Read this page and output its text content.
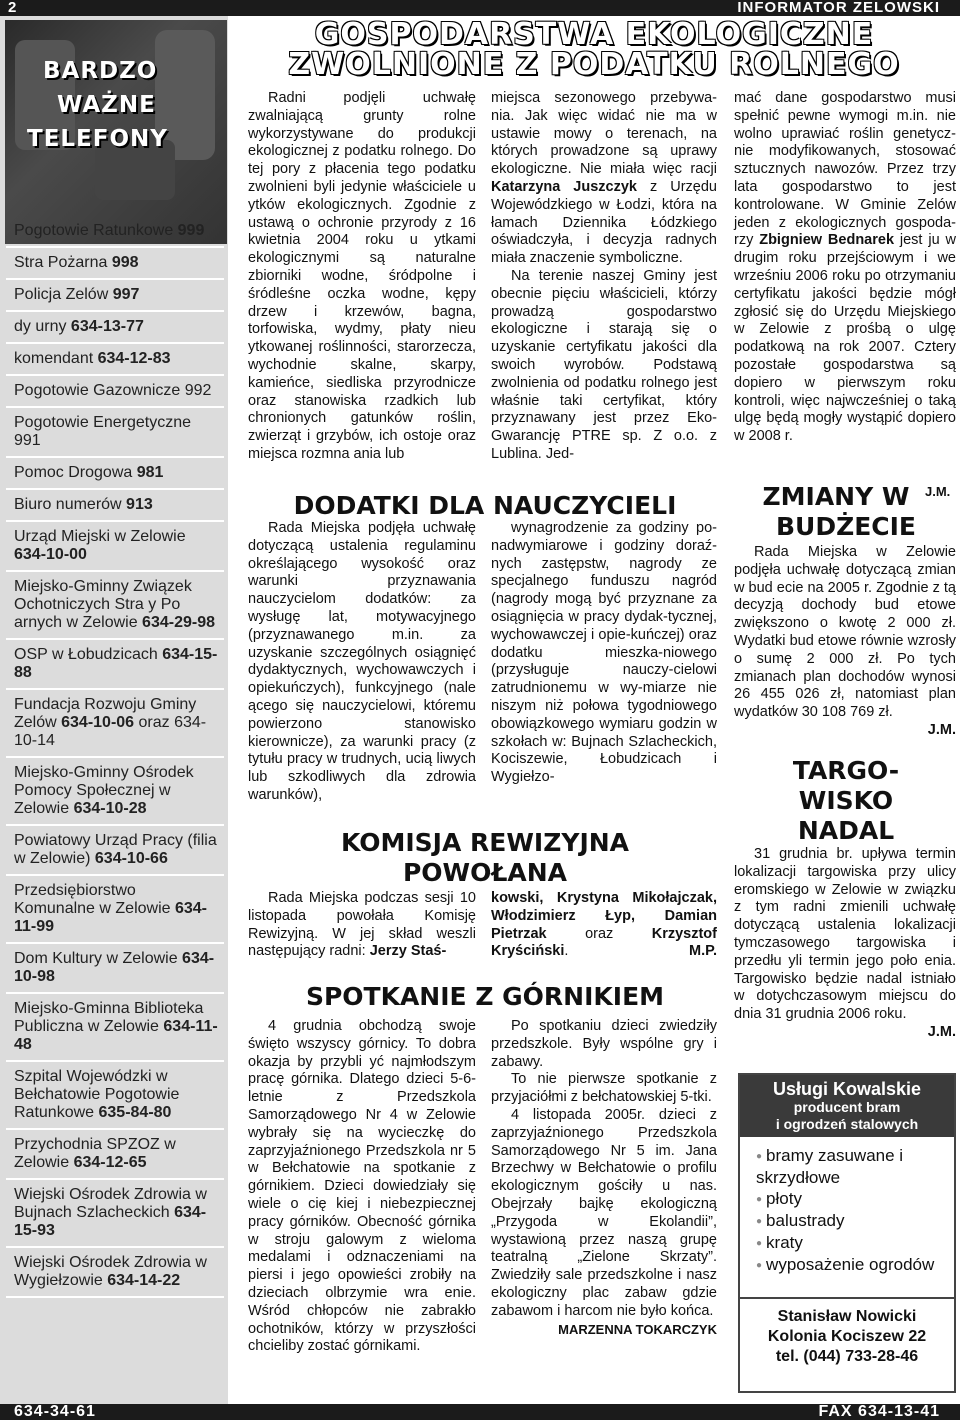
2	INFORMATOR ZELOWSKI
BARDZO
WAŻNE
TELEFONY
Pogotowie Ratunkowe 999
Stra Pożarna 998
Policja Zelów 997
dy urny 634-13-77
komendant 634-12-83
Pogotowie Gazownicze 992
Pogotowie Energetyczne 991
Pomoc Drogowa 981
Biuro numerów 913
Urząd Miejski w Zelowie 634-10-00
Miejsko-Gminny Związek Ochotniczych Stra y Po arnych w Zelowie 634-29-98
OSP w Łobudzicach 634-15-88
Fundacja Rozwoju Gminy Zelów 634-10-06 oraz 634-10-14
Miejsko-Gminny Ośrodek Pomocy Społecznej w Zelowie 634-10-28
Powiatowy Urząd Pracy (filia w Zelowie) 634-10-66
Przedsiębiorstwo Komunalne w Zelowie 634-11-99
Dom Kultury w Zelowie 634-10-98
Miejsko-Gminna Biblioteka Publiczna w Zelowie 634-11-48
Szpital Wojewódzki w Bełchatowie Pogotowie Ratunkowe 635-84-80
Przychodnia SPZOZ w Zelowie 634-12-65
Wiejski Ośrodek Zdrowia w Bujnach Szlacheckich 634-15-93
Wiejski Ośrodek Zdrowia w Wygiełzowie 634-14-22
GOSPODARSTWA EKOLOGICZNE
ZWOLNIONE Z PODATKU ROLNEGO

Radni podjęli uchwałę zwalniającą grunty rolne wykorzystywane do produkcji ekologicznej z podatku rolnego. Do tej pory z płacenia tego podatku zwolnieni byli jedynie właściciele u ytków ekologicznych. Zgodnie z ustawą o ochronie przyrody z 16 kwietnia 2004 roku u ytkami ekologicznymi są naturalne zbiorniki wodne, śródpolne i śródleśne oczka wodne, kępy drzew i krzewów, bagna, torfowiska, wydmy, płaty nieu ytkowanej roślinności, starorzecza, wychodnie skalne, skarpy, kamieńce, siedliska przyrodnicze oraz stanowiska rzadkich lub chronionych gatunków roślin, zwierząt i grzybów, ich ostoje oraz miejsca rozmna ania lub

miejsca sezonowego przebywa-nia. Jak więc widać nie ma w ustawie mowy o terenach, na których prowadzone są uprawy ekologiczne. Nie miała więc racji Katarzyna Juszczyk z Urzędu Wojewódzkiego w Łodzi, która na łamach Dziennika Łódzkiego oświadczyła, i decyzja radnych miała znaczenie symboliczne.

Na terenie naszej Gminy jest obecnie pięciu właścicieli, którzy prowadzą gospodarstwo ekologiczne i starają się o uzyskanie certyfikatu jakości dla swoich wyrobów. Podstawą zwolnienia od podatku rolnego jest właśnie taki certyfikat, który przyznawany jest przez Eko-Gwarancję PTRE sp. Z o.o. z Lublina. Jed-

mać dane gospodarstwo musi spełnić pewne wymogi m.in. nie wolno uprawiać roślin genetycz-nie modyfikowanych, stosować sztucznych nawozów. Przez trzy lata gospodarstwo to jest kontrolowane. W Gminie Zelów jeden z ekologicznych gospoda-rzy Zbigniew Bednarek jest ju w drugim roku przejściowym i we wrześniu 2006 roku po otrzymaniu certyfikatu jakości będzie mógł zgłosić się do Urzędu Miejskiego w Zelowie z prośbą o ulgę podatkową na rok 2007. Cztery pozostałe gospodarstwa są dopiero w pierwszym roku kontroli, więc najwcześniej o taką ulgę będą mogły wystąpić dopiero w 2008 r.

DODATKI DLA NAUCZYCIELI

Rada Miejska podjęła uchwałę dotyczącą ustalenia regulaminu określającego wysokość oraz warunki przyznawania nauczycielom dodatków: za wysługę lat, motywacyjnego (przyznawanego m.in. za uzyskanie szczególnych osiągnięć dydaktycznych, wychowawczych i opiekuńczych), funkcyjnego (nale ącego się nauczycielowi, któremu powierzono stanowisko kierownicze), za warunki pracy (z tytułu pracy w trudnych, ucią liwych lub szkodliwych dla zdrowia warunków),

wynagrodzenie za godziny po-nadwymiarowe i godziny doraź-nych zastępstw, nagrody ze specjalnego funduszu nagród (nagrody mogą być przyznane za osiągnięcia w pracy dydak-tycznej, wychowawczej i opie-kuńczej) oraz dodatku mieszka-niowego (przysługuje nauczy-cielowi zatrudnionemu w wy-miarze nie niszym niż połowa tygodniowego obowiązkowego wymiaru godzin w szkołach w: Bujnach Szlacheckich, Kociszewie, Łobudzicach i Wygiełzo-

ZMIANY W	J.M.
BUDŻECIE

Rada Miejska w Zelowie podjęła uchwałę dotyczącą zmian w bud ecie na 2005 r. Zgodnie z tą decyzją dochody bud etowe zwiększono o kwotę 2 000 zł. Wydatki bud etowe równie wzrosły o sumę 2 000 zł. Po tych zmianach plan dochodów wynosi 26 455 026 zł, natomiast plan wydatków 30 108 769 zł.

J.M.

TARGO-
WISKO
NADAL

31 grudnia br. upływa termin lokalizacji targowiska przy ulicy eromskiego w Zelowie w związku z tym radni zmienili uchwałę dotyczącą ustalenia lokalizacji tymczasowego targowiska i przedłu yli termin jego poło enia. Targowisko będzie nadal istniało w dotychczasowym miejscu do dnia 31 grudnia 2006 roku.

J.M.

KOMISJA REWIZYJNA
POWOŁANA

Rada Miejska podczas sesji 10 listopada powołała Komisję Rewizyjną. W jej skład weszli następujący radni: Jerzy Staś-

kowski, Krystyna Mikołajczak, Włodzimierz Łyp, Damian Pietrzak oraz Krzysztof Kryściński.	M.P.

SPOTKANIE Z GÓRNIKIEM

4 grudnia obchodzą swoje święto wszyscy górnicy. To dobra okazja by przybli yć najmłodszym pracę górnika. Dlatego dzieci 5-6-letnie z Przedszkola Samorządowego Nr 4 w Zelowie wybrały się na wycieczkę do zaprzyjaźnionego Przedszkola nr 5 w Bełchatowie na spotkanie z górnikiem. Dzieci dowiedziały się wiele o cię kiej i niebezpiecznej pracy górników. Obecność górnika w stroju galowym z wieloma medalami i odznaczeniami na piersi i jego opowieści zrobiły na dzieciach olbrzymie wra enie. Wśród chłopców nie zabrakło ochotników, którzy w przyszłości chcieliby zostać górnikami.

Po spotkaniu dzieci zwiedziły przedszkole. Były wspólne gry i zabawy.

To nie pierwsze spotkanie z przyjaciółmi z bełchatowskiej 5-tki.

4 listopada 2005r. dzieci z zaprzyjaźnionego Przedszkola Samorządowego Nr 5 im. Jana Brzechwy w Bełchatowie o profilu ekologicznym gościły u nas. Obejrzały bajkę ekologiczną „Przygoda w Ekolandii”, wystawioną przez naszą grupę teatralną „Zielone Skrzaty”. Zwiedziły sale przedszkolne i nasz ekologiczny plac zabaw gdzie zabawom i harcom nie było końca.

MARZENNA TOKARCZYK

Usługi Kowalskie
producent bram
i ogrodzeń stalowych
● bramy zasuwane i skrzydłowe
● płoty
● balustrady
● kraty
● wyposażenie ogrodów
Stanisław Nowicki
Kolonia Kociszew 22
tel. (044) 733-28-46
634-34-61	FAX 634-13-41
